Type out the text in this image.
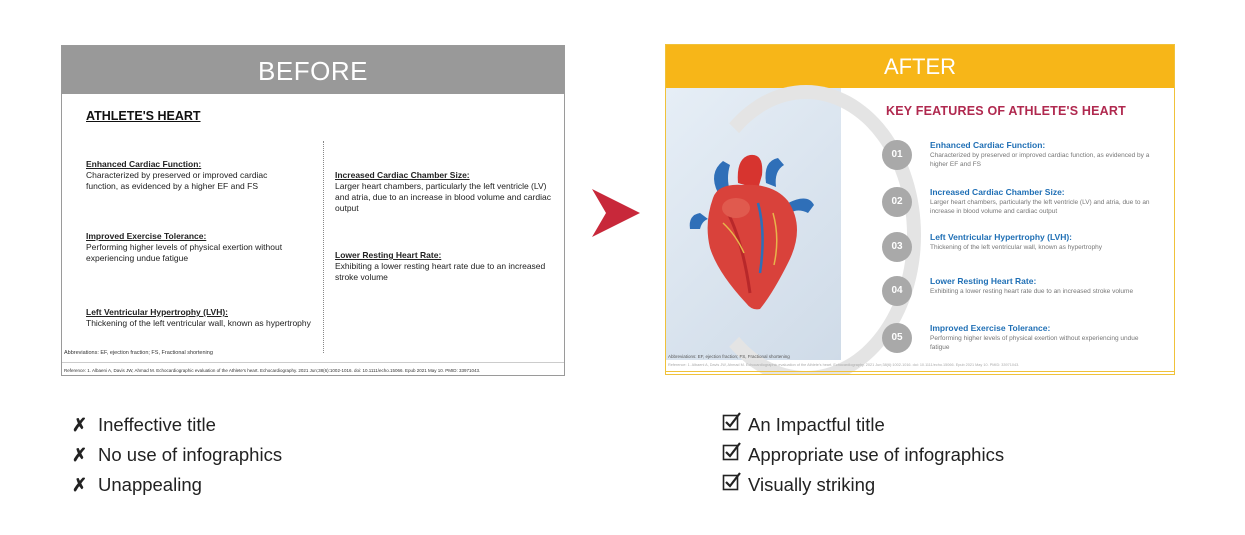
BEFORE
ATHLETE'S HEART
Enhanced Cardiac Function:
Characterized by preserved or improved cardiac function, as evidenced by a higher EF and FS
Improved Exercise Tolerance:
Performing higher levels of physical exertion without experiencing undue fatigue
Left Ventricular Hypertrophy (LVH):
Thickening of the left ventricular wall, known as hypertrophy
Increased Cardiac Chamber Size:
Larger heart chambers, particularly the left ventricle (LV) and atria, due to an increase in blood volume and cardiac output
Lower Resting Heart Rate:
Exhibiting a lower resting heart rate due to an increased stroke volume
Abbreviations: EF, ejection fraction; FS, Fractional shortening
Reference: 1. Albaeni A, Davis JW, Ahmad M. Echocardiographic evaluation of the Athlete's heart. Echocardiography. 2021 Jun;38(6):1002-1016. doi: 10.1111/echo.15066. Epub 2021 May 10. PMID: 33971043.
AFTER
KEY FEATURES OF ATHLETE'S HEART
01
Enhanced Cardiac Function:
Characterized by preserved or improved cardiac function, as evidenced by a higher EF and FS
02
Increased Cardiac Chamber Size:
Larger heart chambers, particularly the left ventricle (LV) and atria, due to an increase in blood volume and cardiac output
03
Left Ventricular Hypertrophy (LVH):
Thickening of the left ventricular wall, known as hypertrophy
04
Lower Resting Heart Rate:
Exhibiting a lower resting heart rate due to an increased stroke volume
05
Improved Exercise Tolerance:
Performing higher levels of physical exertion without experiencing undue fatigue
Abbreviations: EF, ejection fraction; FS, Fractional shortening
Reference: 1. Albaeni A, Davis JW, Ahmad M. Echocardiographic evaluation of the Athlete's heart. Echocardiography. 2021 Jun;38(6):1002-1016. doi: 10.1111/echo.15066. Epub 2021 May 10. PMID: 33971043.
✗ Ineffective title
✗ No use of infographics
✗ Unappealing
An Impactful title
Appropriate use of infographics
Visually striking
